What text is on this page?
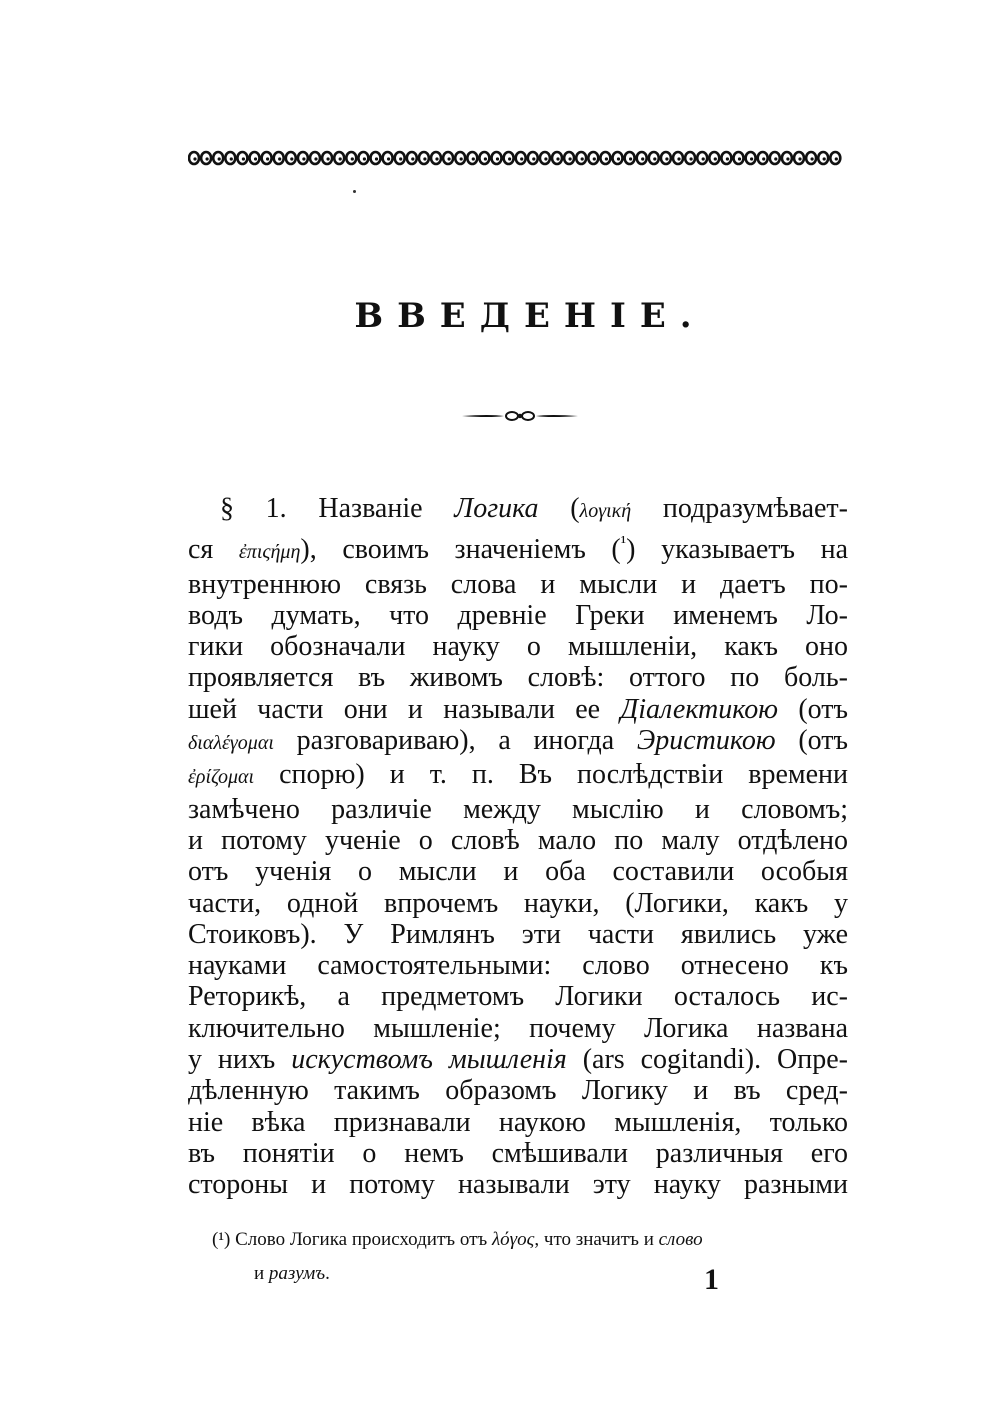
ВВЕДЕНІЕ.
§ 1. Названіе Логика (λογική подразумѣвает-
ся ἐπιςήμη), своимъ значеніемъ ($^{^1}$) указываетъ на
внутреннюю связь слова и мысли и даетъ по-
водъ думать, что древніе Греки именемъ Ло-
гики обозначали науку о мышленіи, какъ оно
проявляется въ живомъ словѣ: оттого по боль-
шей части они и называли ее Діалектикою (отъ
διαλέγομαι разговариваю), а иногда Эристикою (отъ
ἐρίζομαι спорю) и т. п. Въ послѣдствіи времени
замѣчено различіе между мыслію и словомъ;
и потому ученіе о словѣ мало по малу отдѣлено
отъ ученія о мысли и оба составили особыя
части, одной впрочемъ науки, (Логики, какъ у
Стоиковъ). У Римлянъ эти части явились уже
науками самостоятельными: слово отнесено къ
Реторикѣ, а предметомъ Логики осталось ис-
ключительно мышленіе; почему Логика названа
у нихъ искуствомъ мышленія (ars cogitandi). Опре-
дѣленную такимъ образомъ Логику и въ сред-
ніе вѣка признавали наукою мышленія, только
въ понятіи о немъ смѣшивали различныя его
стороны и потому называли эту науку разными
(¹) Слово Логика происходитъ отъ λόγος, что значитъ и слово
и разумъ.	1
